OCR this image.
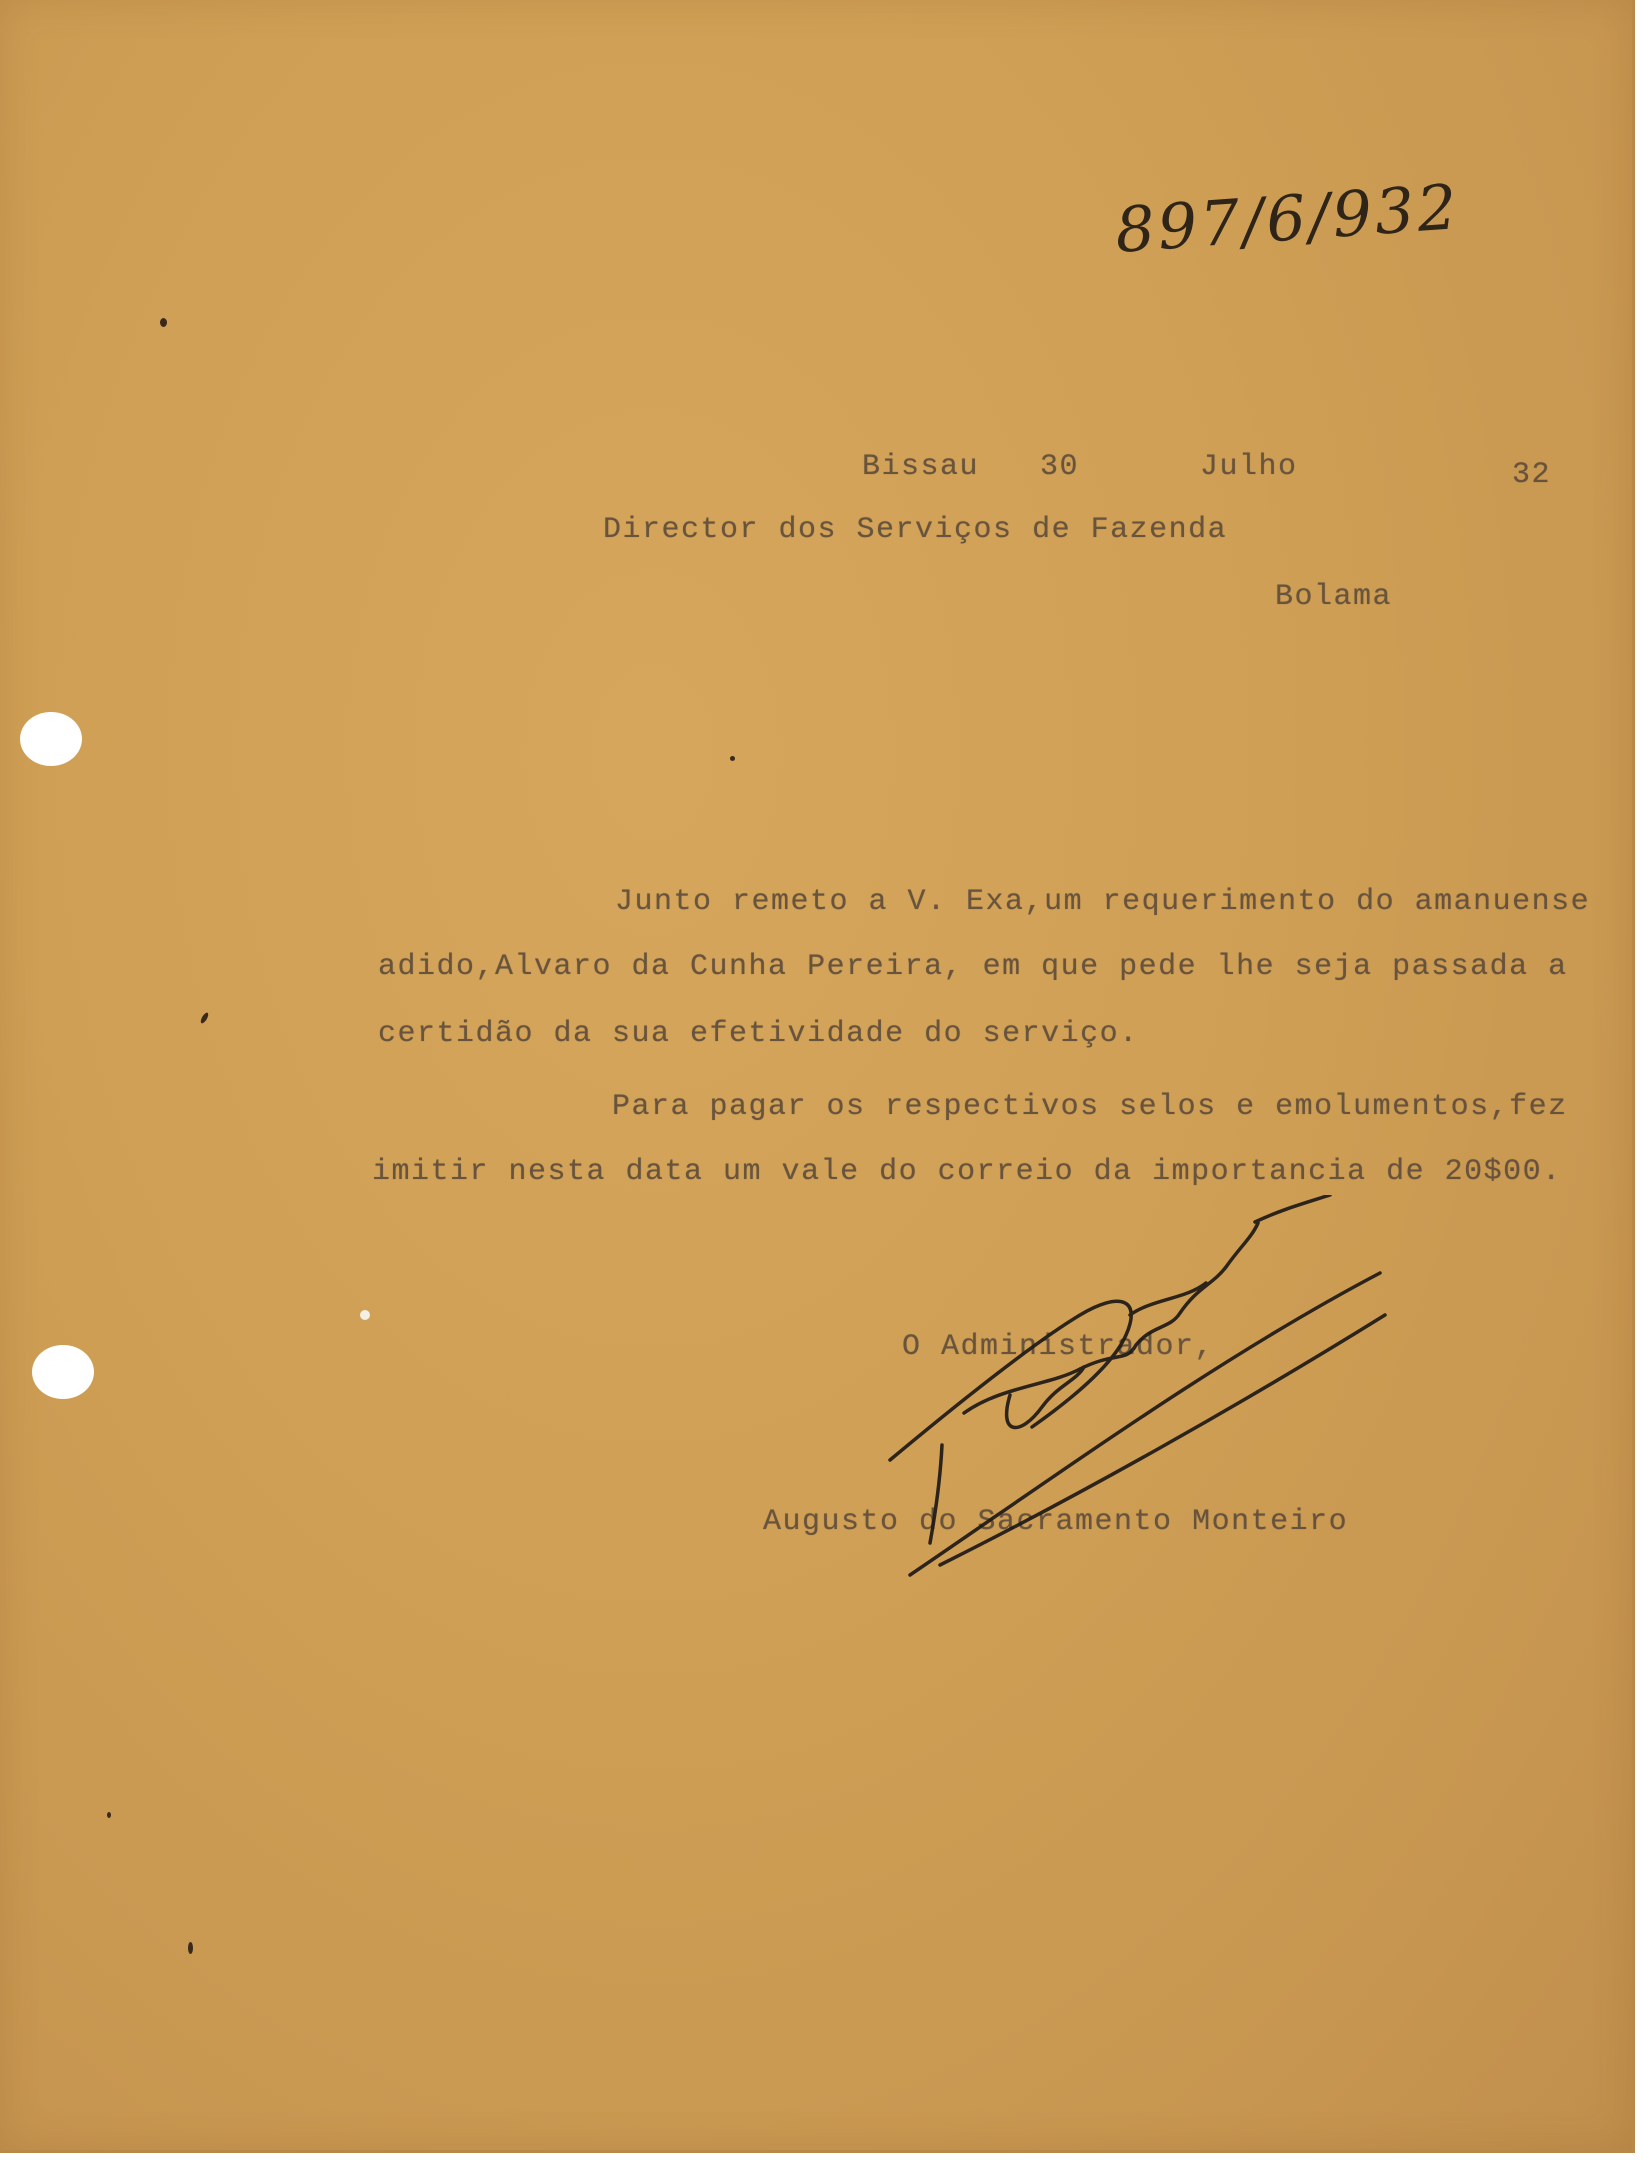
897/6/932
Bissau 30	Julho	32
Director dos Serviços de Fazenda
Bolama
Junto remeto a V. Exa,um requerimento do amanuense
adido,Alvaro da Cunha Pereira, em que pede lhe seja passada a
certidão da sua efetividade do serviço.
Para pagar os respectivos selos e emolumentos,fez
imitir nesta data um vale do correio da importancia de 20$00.
O Administrador,
Augusto do Sacramento Monteiro
